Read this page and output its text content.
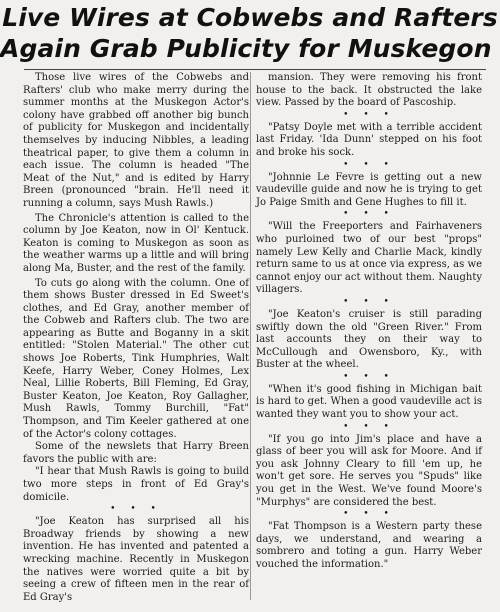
Live Wires at Cobwebs and Rafters
Again Grab Publicity for Muskegon

Those live wires of the Cobwebs and Rafters' club who make merry during the summer months at the Muskegon Actor's colony have grabbed off another big bunch of publicity for Muskegon and incidentally themselves by inducing Nibbles, a leading theatrical paper, to give them a column in each issue. The column is headed "The Meat of the Nut," and is edited by Harry Breen (pronounced "brain. He'll need it running a column, says Mush Rawls.)

The Chronicle's attention is called to the column by Joe Keaton, now in Ol' Kentuck. Keaton is coming to Muskegon as soon as the weather warms up a little and will bring along Ma, Buster, and the rest of the family.

To cuts go along with the column. One of them shows Buster dressed in Ed Sweet's clothes, and Ed Gray, another member of the Cobweb and Rafters club. The two are appearing as Butte and Boganny in a skit entitled: "Stolen Material." The other cut shows Joe Roberts, Tink Humphries, Walt Keefe, Harry Weber, Coney Holmes, Lex Neal, Lillie Roberts, Bill Fleming, Ed Gray, Buster Keaton, Joe Keaton, Roy Gallagher, Mush Rawls, Tommy Burchill, "Fat" Thompson, and Tim Keeler gathered at one of the Actor's colony cottages.

Some of the newslets that Harry Breen favors the public with are:

"I hear that Mush Rawls is going to build two more steps in front of Ed Gray's domicile.

• • •

"Joe Keaton has surprised all his Broadway friends by showing a new invention. He has invented and patented a wrecking machine. Recently in Muskegon the natives were worried quite a bit by seeing a crew of fifteen men in the rear of Ed Gray's

mansion. They were removing his front house to the back. It obstructed the lake view. Passed by the board of Pascoship.

• • •

"Patsy Doyle met with a terrible accident last Friday. 'Ida Dunn' stepped on his foot and broke his sock.

• • •

"Johnnie Le Fevre is getting out a new vaudeville guide and now he is trying to get Jo Paige Smith and Gene Hughes to fill it.

• • •

"Will the Freeporters and Fairhaveners who purloined two of our best "props" namely Lew Kelly and Charlie Mack, kindly return same to us at once via express, as we cannot enjoy our act without them. Naughty villagers.

• • •

"Joe Keaton's cruiser is still parading swiftly down the old "Green River." From last accounts they on their way to McCullough and Owensboro, Ky., with Buster at the wheel.

• • •

"When it's good fishing in Michigan bait is hard to get. When a good vaudeville act is wanted they want you to show your act.

• • •

"If you go into Jim's place and have a glass of beer you will ask for Moore. And if you ask Johnny Cleary to fill 'em up, he won't get sore. He serves you "Spuds" like you get in the West. We've found Moore's "Murphys" are considered the best.

• • •

"Fat Thompson is a Western party these days, we understand, and wearing a sombrero and toting a gun. Harry Weber vouched the information."
